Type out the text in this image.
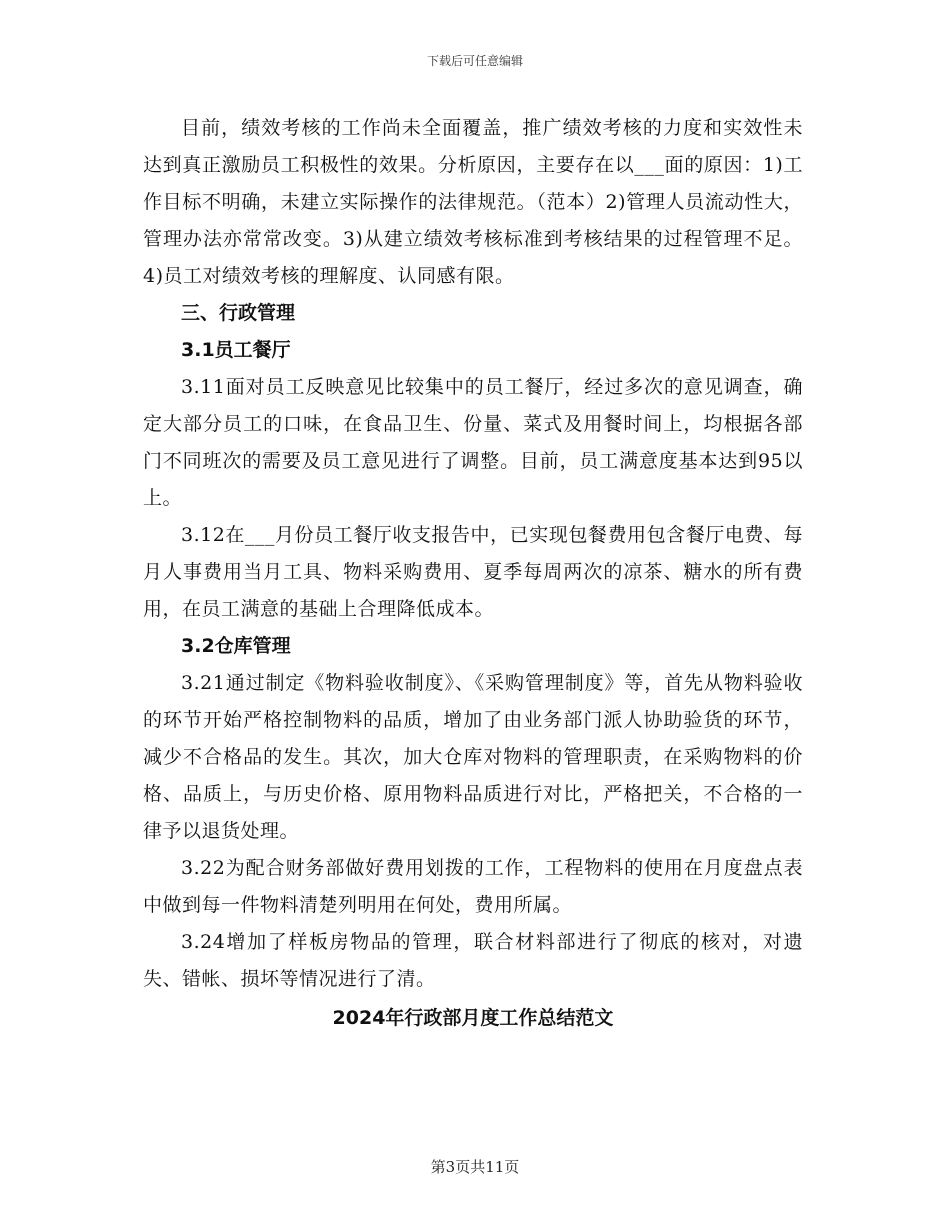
下载后可任意编辑

目前，绩效考核的工作尚未全面覆盖，推广绩效考核的力度和实效性未达到真正激励员工积极性的效果。分析原因，主要存在以___面的原因：1)工作目标不明确，未建立实际操作的法律规范。（范本）2)管理人员流动性大，管理办法亦常常改变。3)从建立绩效考核标准到考核结果的过程管理不足。4)员工对绩效考核的理解度、认同感有限。

三、行政管理

3.1员工餐厅

3.11面对员工反映意见比较集中的员工餐厅，经过多次的意见调查，确定大部分员工的口味，在食品卫生、份量、菜式及用餐时间上，均根据各部门不同班次的需要及员工意见进行了调整。目前，员工满意度基本达到95以上。

3.12在___月份员工餐厅收支报告中，已实现包餐费用包含餐厅电费、每月人事费用当月工具、物料采购费用、夏季每周两次的凉茶、糖水的所有费用，在员工满意的基础上合理降低成本。

3.2仓库管理

3.21通过制定《物料验收制度》、《采购管理制度》等，首先从物料验收的环节开始严格控制物料的品质，增加了由业务部门派人协助验货的环节，减少不合格品的发生。其次，加大仓库对物料的管理职责，在采购物料的价格、品质上，与历史价格、原用物料品质进行对比，严格把关，不合格的一律予以退货处理。

3.22为配合财务部做好费用划拨的工作，工程物料的使用在月度盘点表中做到每一件物料清楚列明用在何处，费用所属。

3.24增加了样板房物品的管理，联合材料部进行了彻底的核对，对遗失、错帐、损坏等情况进行了清。

2024年行政部月度工作总结范文

第3页共11页
